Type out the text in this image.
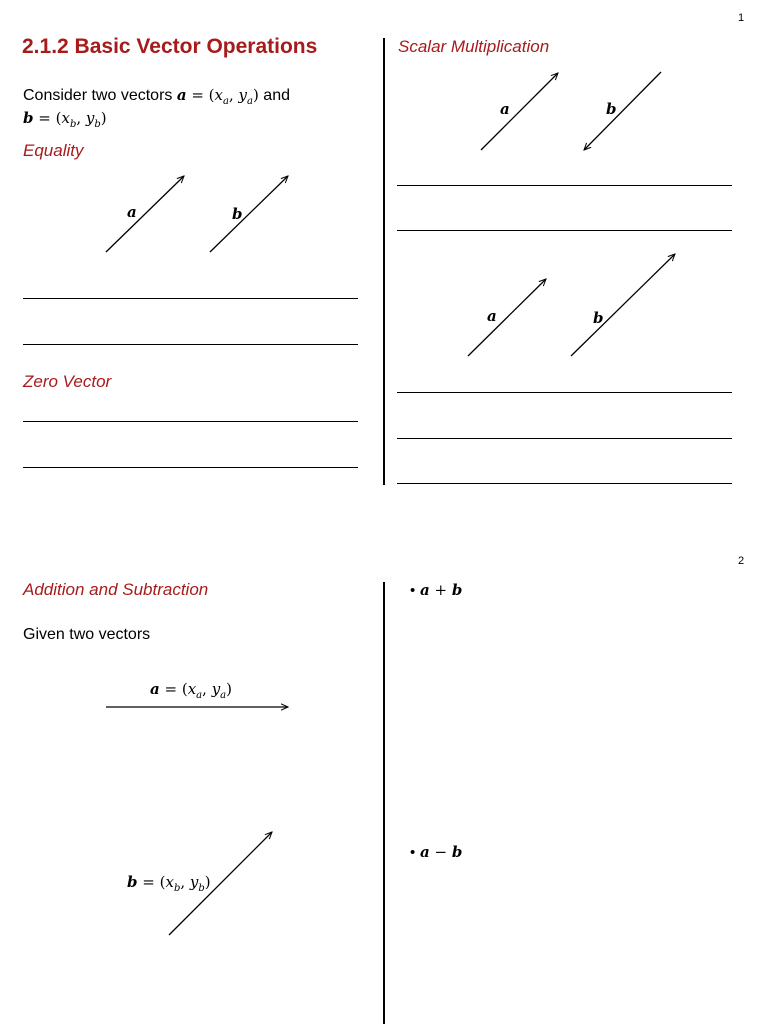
1
2.1.2 Basic Vector Operations
Consider two vectors $a = (x_a$, $y_a$) and
$b = (x_b$, $y_b$)
Equality
a	b
Zero Vector
Scalar Multiplication
a	b
a	b
2
Addition and Subtraction
Given two vectors
$a = (x_a$, $y_a$)
$b = (x_b$, $y_b$)
• a + b
• a − b
